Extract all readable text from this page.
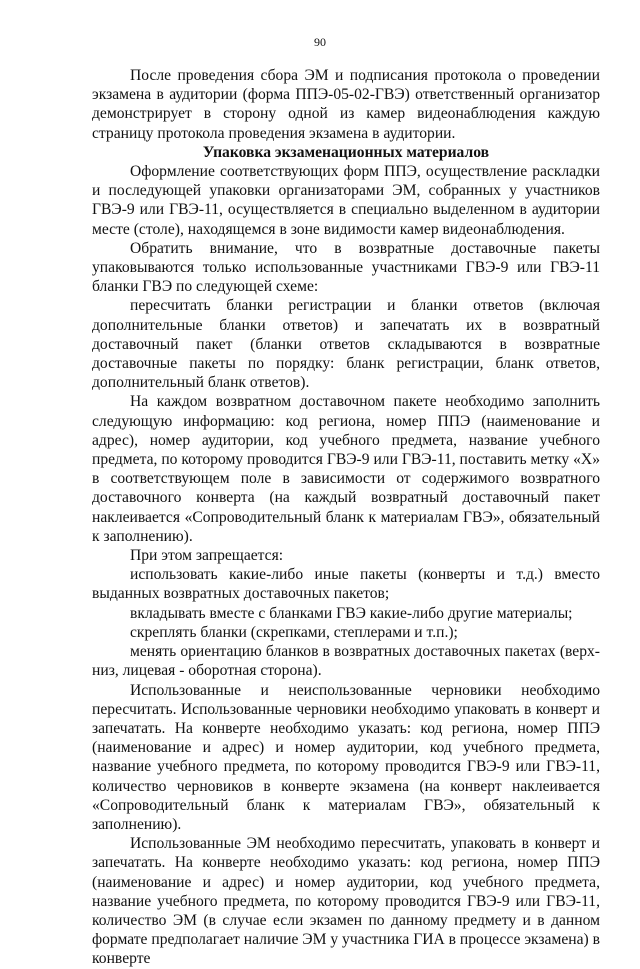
90

После проведения сбора ЭМ и подписания протокола о проведении экзамена в аудитории (форма ППЭ-05-02-ГВЭ) ответственный организатор демонстрирует в сторону одной из камер видеонаблюдения каждую страницу протокола проведения экзамена в аудитории.

Упаковка экзаменационных материалов

Оформление соответствующих форм ППЭ, осуществление раскладки и последующей упаковки организаторами ЭМ, собранных у участников ГВЭ-9 или ГВЭ-11, осуществляется в специально выделенном в аудитории месте (столе), находящемся в зоне видимости камер видеонаблюдения.

Обратить внимание, что в возвратные доставочные пакеты упаковываются только использованные участниками ГВЭ-9 или ГВЭ-11 бланки ГВЭ по следующей схеме:

пересчитать бланки регистрации и бланки ответов (включая дополнительные бланки ответов) и запечатать их в возвратный доставочный пакет (бланки ответов складываются в возвратные доставочные пакеты по порядку: бланк регистрации, бланк ответов, дополнительный бланк ответов).

На каждом возвратном доставочном пакете необходимо заполнить следующую информацию: код региона, номер ППЭ (наименование и адрес), номер аудитории, код учебного предмета, название учебного предмета, по которому проводится ГВЭ-9 или ГВЭ-11, поставить метку «Х» в соответствующем поле в зависимости от содержимого возвратного доставочного конверта (на каждый возвратный доставочный пакет наклеивается «Сопроводительный бланк к материалам ГВЭ», обязательный к заполнению).

При этом запрещается:

использовать какие-либо иные пакеты (конверты и т.д.) вместо выданных возвратных доставочных пакетов;

вкладывать вместе с бланками ГВЭ какие-либо другие материалы;

скреплять бланки (скрепками, степлерами и т.п.);

менять ориентацию бланков в возвратных доставочных пакетах (верх-низ, лицевая - оборотная сторона).

Использованные и неиспользованные черновики необходимо пересчитать. Использованные черновики необходимо упаковать в конверт и запечатать. На конверте необходимо указать: код региона, номер ППЭ (наименование и адрес) и номер аудитории, код учебного предмета, название учебного предмета, по которому проводится ГВЭ-9 или ГВЭ-11, количество черновиков в конверте экзамена (на конверт наклеивается «Сопроводительный бланк к материалам ГВЭ», обязательный к заполнению).

Использованные ЭМ необходимо пересчитать, упаковать в конверт и запечатать. На конверте необходимо указать: код региона, номер ППЭ (наименование и адрес) и номер аудитории, код учебного предмета, название учебного предмета, по которому проводится ГВЭ-9 или ГВЭ-11, количество ЭМ (в случае если экзамен по данному предмету и в данном формате предполагает наличие ЭМ у участника ГИА в процессе экзамена) в конверте
